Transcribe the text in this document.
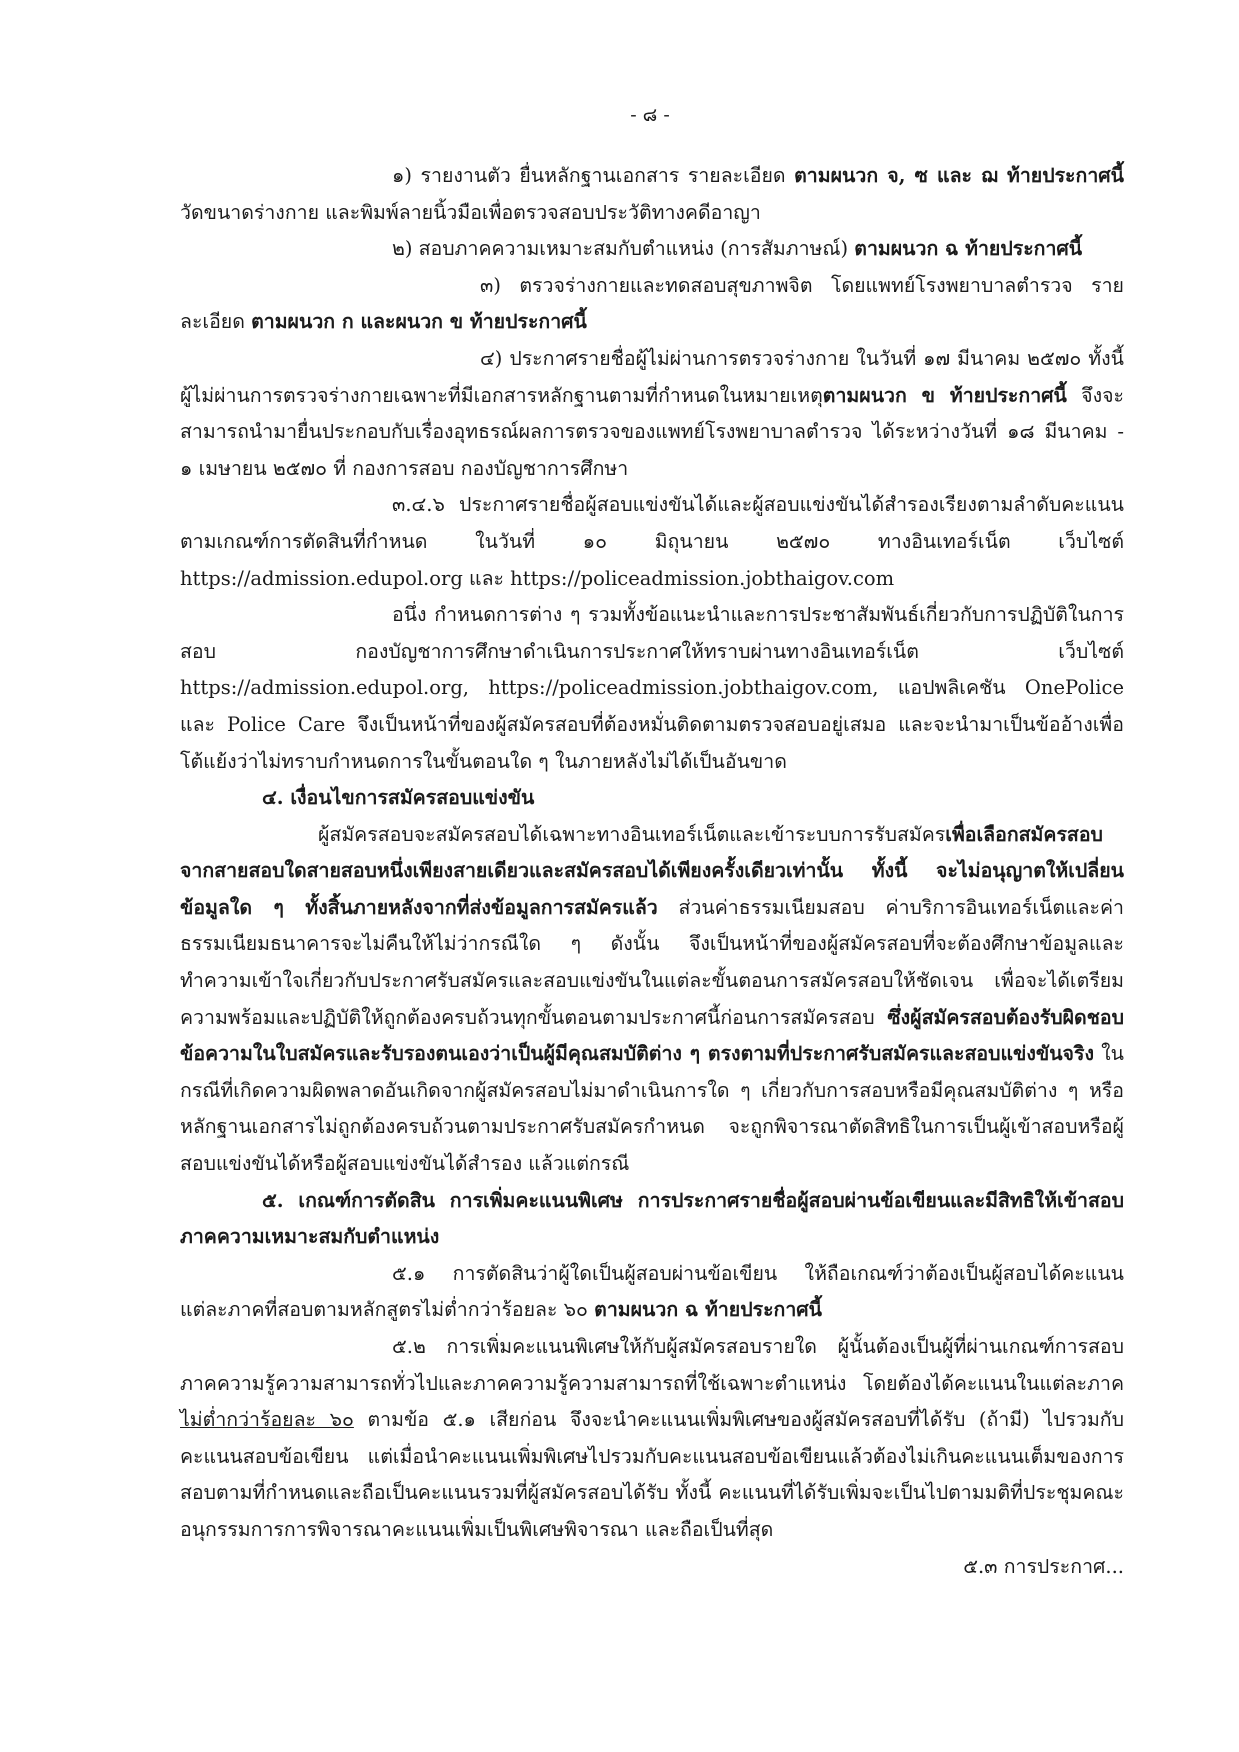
- ๘ -

๑) รายงานตัว ยื่นหลักฐานเอกสาร รายละเอียด ตามผนวก จ, ซ และ ฌ ท้ายประกาศนี้ วัดขนาดร่างกาย และพิมพ์ลายนิ้วมือเพื่อตรวจสอบประวัติทางคดีอาญา

๒) สอบภาคความเหมาะสมกับตำแหน่ง (การสัมภาษณ์) ตามผนวก ฉ ท้ายประกาศนี้

๓) ตรวจร่างกายและทดสอบสุขภาพจิต โดยแพทย์โรงพยาบาลตำรวจ รายละเอียด ตามผนวก ก และผนวก ข ท้ายประกาศนี้

๔) ประกาศรายชื่อผู้ไม่ผ่านการตรวจร่างกาย ในวันที่ ๑๗ มีนาคม ๒๕๗๐ ทั้งนี้ ผู้ไม่ผ่านการตรวจร่างกายเฉพาะที่มีเอกสารหลักฐานตามที่กำหนดในหมายเหตุตามผนวก ข ท้ายประกาศนี้ จึงจะสามารถนำมายื่นประกอบกับเรื่องอุทธรณ์ผลการตรวจของแพทย์โรงพยาบาลตำรวจ ได้ระหว่างวันที่ ๑๘ มีนาคม - ๑ เมษายน ๒๕๗๐ ที่ กองการสอบ กองบัญชาการศึกษา

๓.๔.๖ ประกาศรายชื่อผู้สอบแข่งขันได้และผู้สอบแข่งขันได้สำรองเรียงตามลำดับคะแนนตามเกณฑ์การตัดสินที่กำหนด ในวันที่ ๑๐ มิถุนายน ๒๕๗๐ ทางอินเทอร์เน็ต เว็บไซต์ https://admission.edupol.org และ https://policeadmission.jobthaigov.com

อนึ่ง กำหนดการต่าง ๆ รวมทั้งข้อแนะนำและการประชาสัมพันธ์เกี่ยวกับการปฏิบัติในการสอบ กองบัญชาการศึกษาดำเนินการประกาศให้ทราบผ่านทางอินเทอร์เน็ต เว็บไซต์ https://admission.edupol.org, https://policeadmission.jobthaigov.com, แอปพลิเคชัน OnePolice และ Police Care จึงเป็นหน้าที่ของผู้สมัครสอบที่ต้องหมั่นติดตามตรวจสอบอยู่เสมอ และจะนำมาเป็นข้ออ้างเพื่อโต้แย้งว่าไม่ทราบกำหนดการในขั้นตอนใด ๆ ในภายหลังไม่ได้เป็นอันขาด

๔. เงื่อนไขการสมัครสอบแข่งขัน

ผู้สมัครสอบจะสมัครสอบได้เฉพาะทางอินเทอร์เน็ตและเข้าระบบการรับสมัครเพื่อเลือกสมัครสอบจากสายสอบใดสายสอบหนึ่งเพียงสายเดียวและสมัครสอบได้เพียงครั้งเดียวเท่านั้น ทั้งนี้ จะไม่อนุญาตให้เปลี่ยนข้อมูลใด ๆ ทั้งสิ้นภายหลังจากที่ส่งข้อมูลการสมัครแล้ว ส่วนค่าธรรมเนียมสอบ ค่าบริการอินเทอร์เน็ตและค่าธรรมเนียมธนาคารจะไม่คืนให้ไม่ว่ากรณีใด ๆ ดังนั้น จึงเป็นหน้าที่ของผู้สมัครสอบที่จะต้องศึกษาข้อมูลและทำความเข้าใจเกี่ยวกับประกาศรับสมัครและสอบแข่งขันในแต่ละขั้นตอนการสมัครสอบให้ชัดเจน เพื่อจะได้เตรียมความพร้อมและปฏิบัติให้ถูกต้องครบถ้วนทุกขั้นตอนตามประกาศนี้ก่อนการสมัครสอบ ซึ่งผู้สมัครสอบต้องรับผิดชอบข้อความในใบสมัครและรับรองตนเองว่าเป็นผู้มีคุณสมบัติต่าง ๆ ตรงตามที่ประกาศรับสมัครและสอบแข่งขันจริง ในกรณีที่เกิดความผิดพลาดอันเกิดจากผู้สมัครสอบไม่มาดำเนินการใด ๆ เกี่ยวกับการสอบหรือมีคุณสมบัติต่าง ๆ หรือหลักฐานเอกสารไม่ถูกต้องครบถ้วนตามประกาศรับสมัครกำหนด จะถูกพิจารณาตัดสิทธิในการเป็นผู้เข้าสอบหรือผู้สอบแข่งขันได้หรือผู้สอบแข่งขันได้สำรอง แล้วแต่กรณี

๕. เกณฑ์การตัดสิน การเพิ่มคะแนนพิเศษ การประกาศรายชื่อผู้สอบผ่านข้อเขียนและมีสิทธิให้เข้าสอบภาคความเหมาะสมกับตำแหน่ง

๕.๑ การตัดสินว่าผู้ใดเป็นผู้สอบผ่านข้อเขียน ให้ถือเกณฑ์ว่าต้องเป็นผู้สอบได้คะแนนแต่ละภาคที่สอบตามหลักสูตรไม่ต่ำกว่าร้อยละ ๖๐ ตามผนวก ฉ ท้ายประกาศนี้

๕.๒ การเพิ่มคะแนนพิเศษให้กับผู้สมัครสอบรายใด ผู้นั้นต้องเป็นผู้ที่ผ่านเกณฑ์การสอบภาคความรู้ความสามารถทั่วไปและภาคความรู้ความสามารถที่ใช้เฉพาะตำแหน่ง โดยต้องได้คะแนนในแต่ละภาคไม่ต่ำกว่าร้อยละ ๖๐ ตามข้อ ๕.๑ เสียก่อน จึงจะนำคะแนนเพิ่มพิเศษของผู้สมัครสอบที่ได้รับ (ถ้ามี) ไปรวมกับคะแนนสอบข้อเขียน แต่เมื่อนำคะแนนเพิ่มพิเศษไปรวมกับคะแนนสอบข้อเขียนแล้วต้องไม่เกินคะแนนเต็มของการสอบตามที่กำหนดและถือเป็นคะแนนรวมที่ผู้สมัครสอบได้รับ ทั้งนี้ คะแนนที่ได้รับเพิ่มจะเป็นไปตามมติที่ประชุมคณะอนุกรรมการการพิจารณาคะแนนเพิ่มเป็นพิเศษพิจารณา และถือเป็นที่สุด

๕.๓ การประกาศ...
